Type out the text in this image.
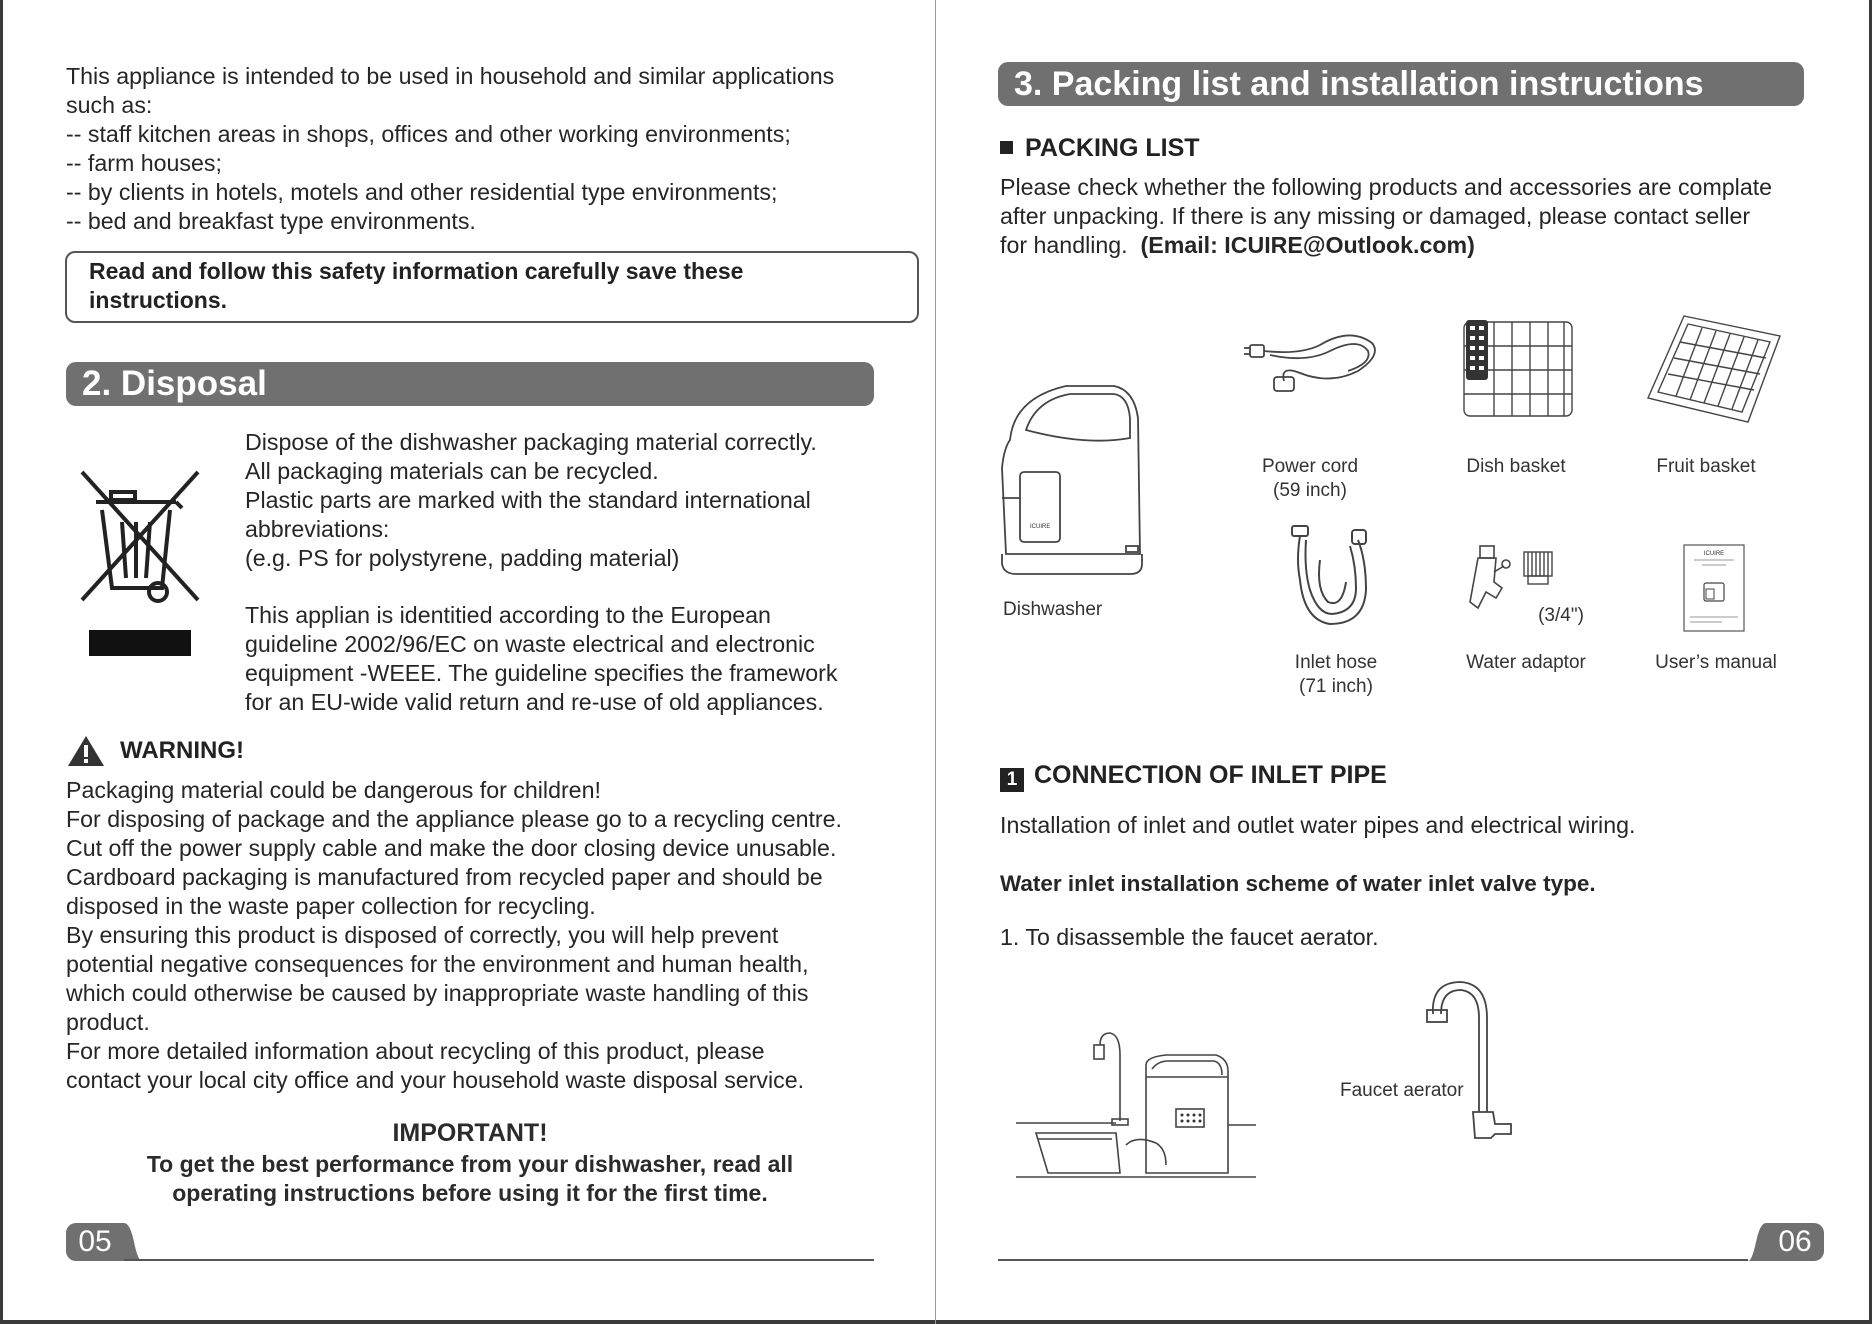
This appliance is intended to be used in household and similar applications

such as:

-- staff kitchen areas in shops, offices and other working environments;

-- farm houses;

-- by clients in hotels, motels and other residential type environments;

-- bed and breakfast type environments.

Read and follow this safety information carefully save these
instructions.
2. Disposal

Dispose of the dishwasher packaging material correctly.

All packaging materials can be recycled.

Plastic parts are marked with the standard international

abbreviations:

(e.g. PS for polystyrene, padding material)

This applian is identitied according to the European

guideline 2002/96/EC on waste electrical and electronic

equipment -WEEE. The guideline specifies the framework

for an EU-wide valid return and re-use of old appliances.

WARNING!

Packaging material could be dangerous for children!

For disposing of package and the appliance please go to a recycling centre.

Cut off the power supply cable and make the door closing device unusable.

Cardboard packaging is manufactured from recycled paper and should be

disposed in the waste paper collection for recycling.

By ensuring this product is disposed of correctly, you will help prevent

potential negative consequences for the environment and human health,

which could otherwise be caused by inappropriate waste handling of this

product.

For more detailed information about recycling of this product, please

contact your local city office and your household waste disposal service.

IMPORTANT!
To get the best performance from your dishwasher, read all
operating instructions before using it for the first time.
05
3. Packing list and installation instructions
PACKING LIST

Please check whether the following products and accessories are complate

after unpacking. If there is any missing or damaged, please contact seller

for handling. (Email: ICUIRE@Outlook.com)

ICUIRE
Dishwasher
Power cord
(59 inch)
Dish basket	Fruit basket
Inlet hose
(71 inch)
(3/4")
Water adaptor
ICUIRE
User’s manual
1 CONNECTION OF INLET PIPE
Installation of inlet and outlet water pipes and electrical wiring.
Water inlet installation scheme of water inlet valve type.
1. To disassemble the faucet aerator.
Faucet aerator
06
